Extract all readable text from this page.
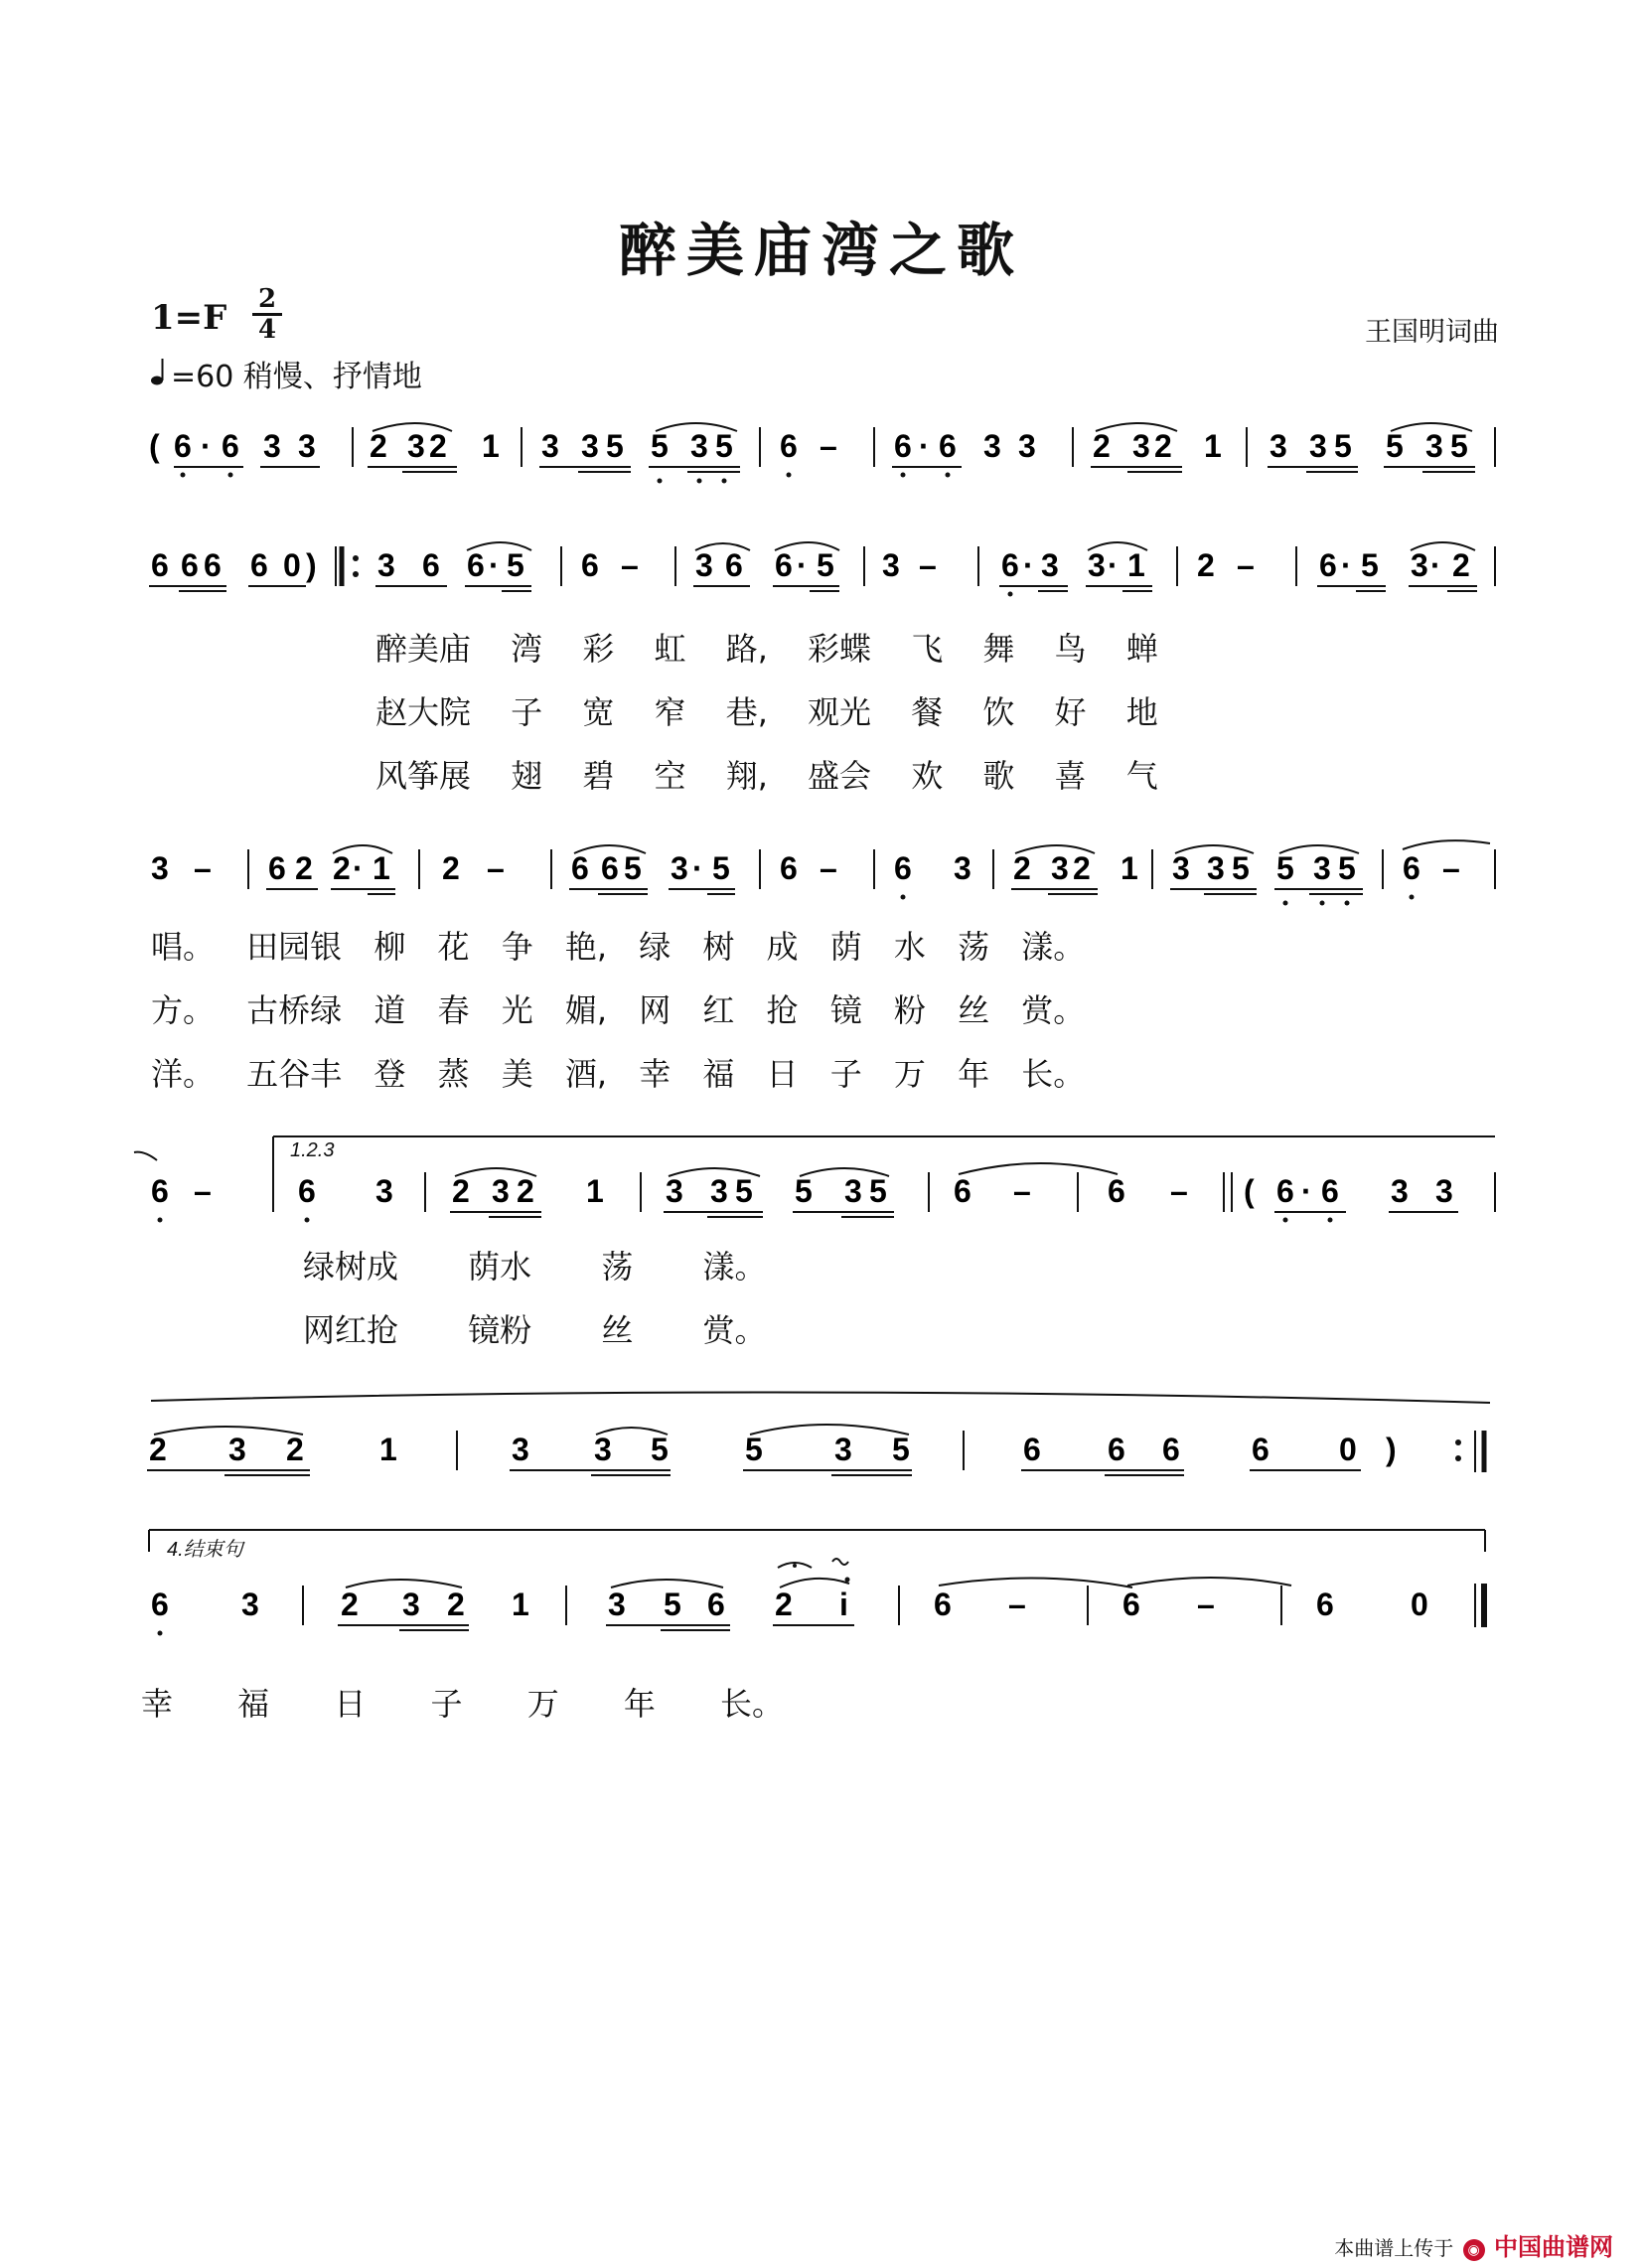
醉美庙湾之歌
王国明词曲
1=F 2
4
=60 稍慢、抒情地
( 6 · 6 3 3 2 3 2 1 3 3 5 5 3 5 6 – 6 · 6 3 3 2 3 2 1 3 3 5 5 3 5
6 6 6 6 0 ) 3 6 6 · 5 6 – 3 6 6 · 5 3 – 6 · 3 3 · 1 2 – 6 · 5 3 · 2
醉美庙 湾 彩 虹 路, 彩蝶 飞 舞 鸟 蝉
赵大院 子 宽 窄 巷, 观光 餐 饮 好 地
风筝展 翅 碧 空 翔, 盛会 欢 歌 喜 气
3 – 6 2 2 · 1 2 – 6 6 5 3 · 5 6 – 6 3 2 3 2 1 3 3 5 5 3 5 6 –
唱。 田园银 柳 花 争 艳, 绿 树 成 荫 水 荡 漾。
方。 古桥绿 道 春 光 媚, 网 红 抢 镜 粉 丝 赏。
洋。 五谷丰 登 蒸 美 酒, 幸 福 日 子 万 年 长。
1.2.3
6 –	6 3 2 3 2 1 3 3 5 5 3 5 6 – 6 – ( 6 · 6 3 3
绿树成 荫水 荡 漾。
网红抢 镜粉 丝 赏。
2 3 2 1	3 3 5 5 3 5	6 6 6 6 0 )
4.结束句
6 3	2 3 2 1 3 5 6 2 i	6 –	6 –	6 0
幸 福 日 子 万 年 长。
本曲谱上传于 ◉ 中国曲谱网
